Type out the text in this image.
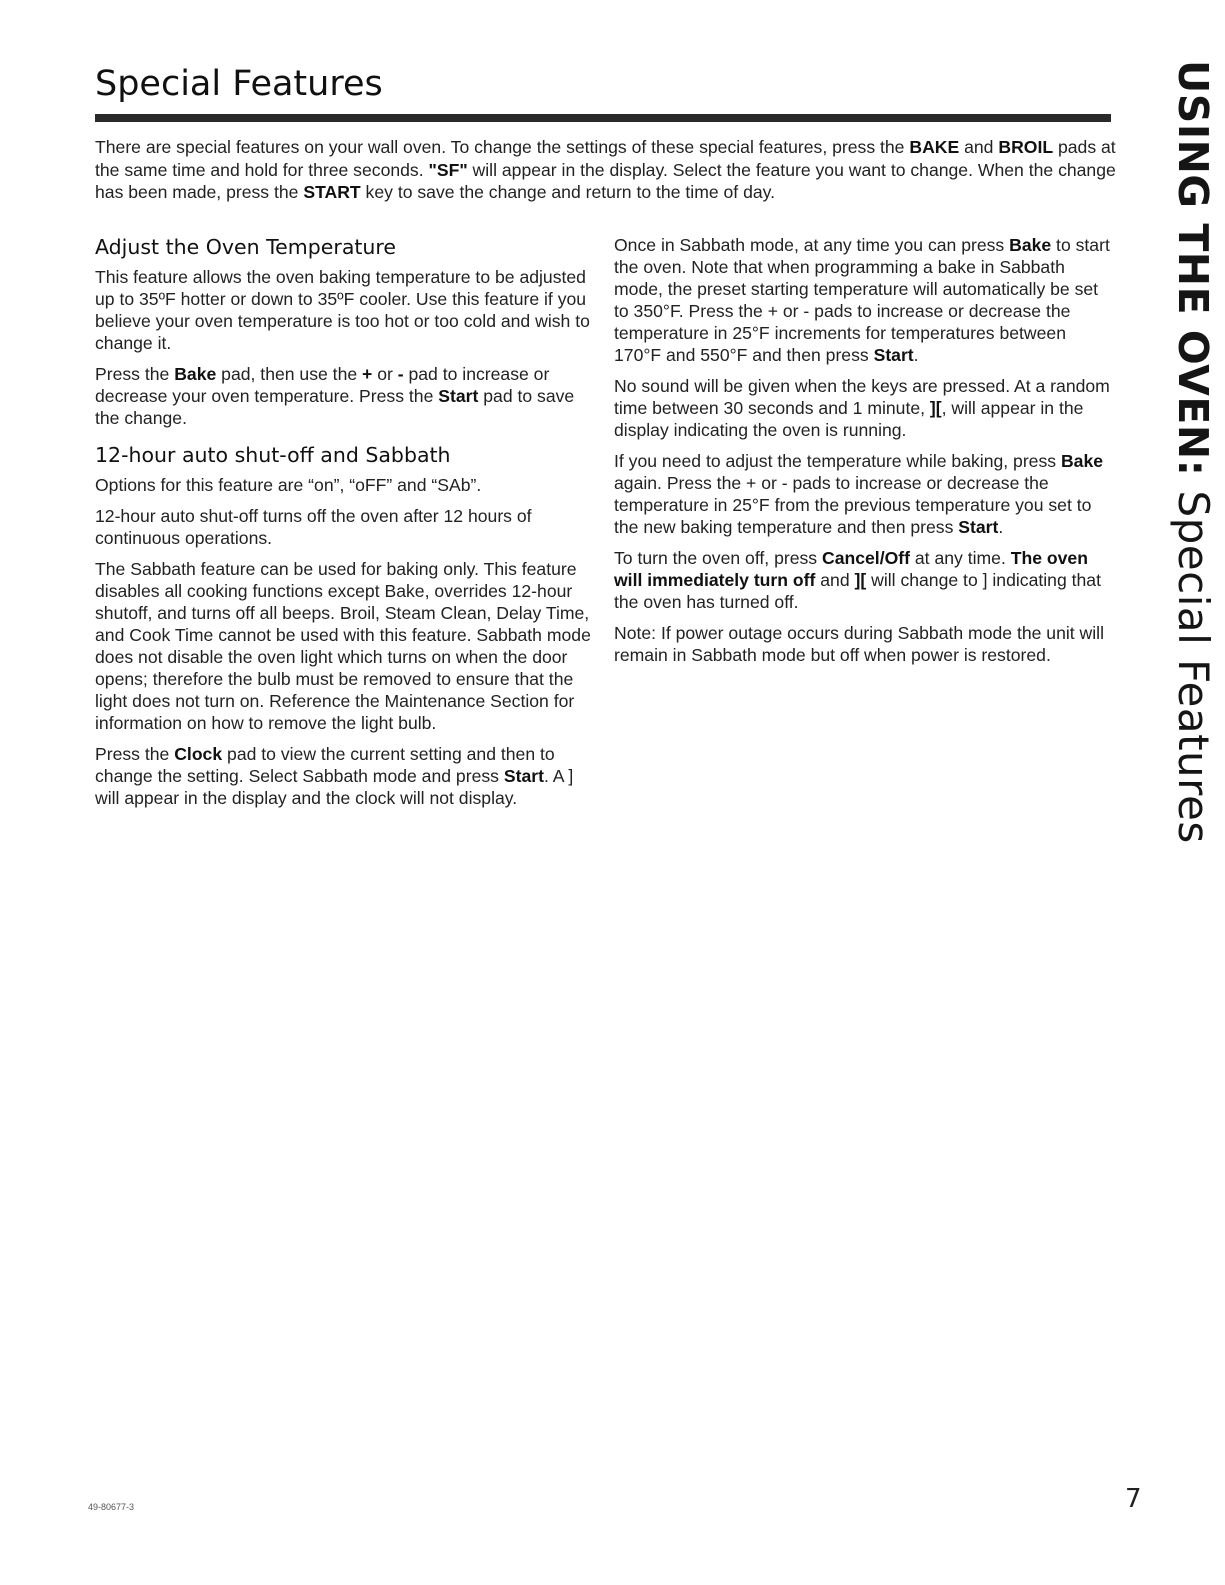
Special Features

There are special features on your wall oven. To change the settings of these special features, press the BAKE and BROIL pads at the same time and hold for three seconds. "SF" will appear in the display. Select the feature you want to change. When the change has been made, press the START key to save the change and return to the time of day.

Adjust the Oven Temperature

This feature allows the oven baking temperature to be adjusted up to 35ºF hotter or down to 35ºF cooler. Use this feature if you believe your oven temperature is too hot or too cold and wish to change it.

Press the Bake pad, then use the + or - pad to increase or decrease your oven temperature. Press the Start pad to save the change.

12-hour auto shut-off and Sabbath

Options for this feature are “on”, “oFF” and “SAb”.

12-hour auto shut-off turns off the oven after 12 hours of continuous operations.

The Sabbath feature can be used for baking only. This feature disables all cooking functions except Bake, overrides 12-hour shutoff, and turns off all beeps. Broil, Steam Clean, Delay Time, and Cook Time cannot be used with this feature. Sabbath mode does not disable the oven light which turns on when the door opens; therefore the bulb must be removed to ensure that the light does not turn on. Reference the Maintenance Section for information on how to remove the light bulb.

Press the Clock pad to view the current setting and then to change the setting. Select Sabbath mode and press Start. A ] will appear in the display and the clock will not display.

Once in Sabbath mode, at any time you can press Bake to start the oven. Note that when programming a bake in Sabbath mode, the preset starting temperature will automatically be set to 350°F. Press the + or - pads to increase or decrease the temperature in 25°F increments for temperatures between 170°F and 550°F and then press Start.

No sound will be given when the keys are pressed. At a random time between 30 seconds and 1 minute, ][, will appear in the display indicating the oven is running.

If you need to adjust the temperature while baking, press Bake again. Press the + or - pads to increase or decrease the temperature in 25°F from the previous temperature you set to the new baking temperature and then press Start.

To turn the oven off, press Cancel/Off at any time. The oven will immediately turn off and ][ will change to ] indicating that the oven has turned off.

Note: If power outage occurs during Sabbath mode the unit will remain in Sabbath mode but off when power is restored.

USING THE OVEN: Special Features
49-80677-3	7
